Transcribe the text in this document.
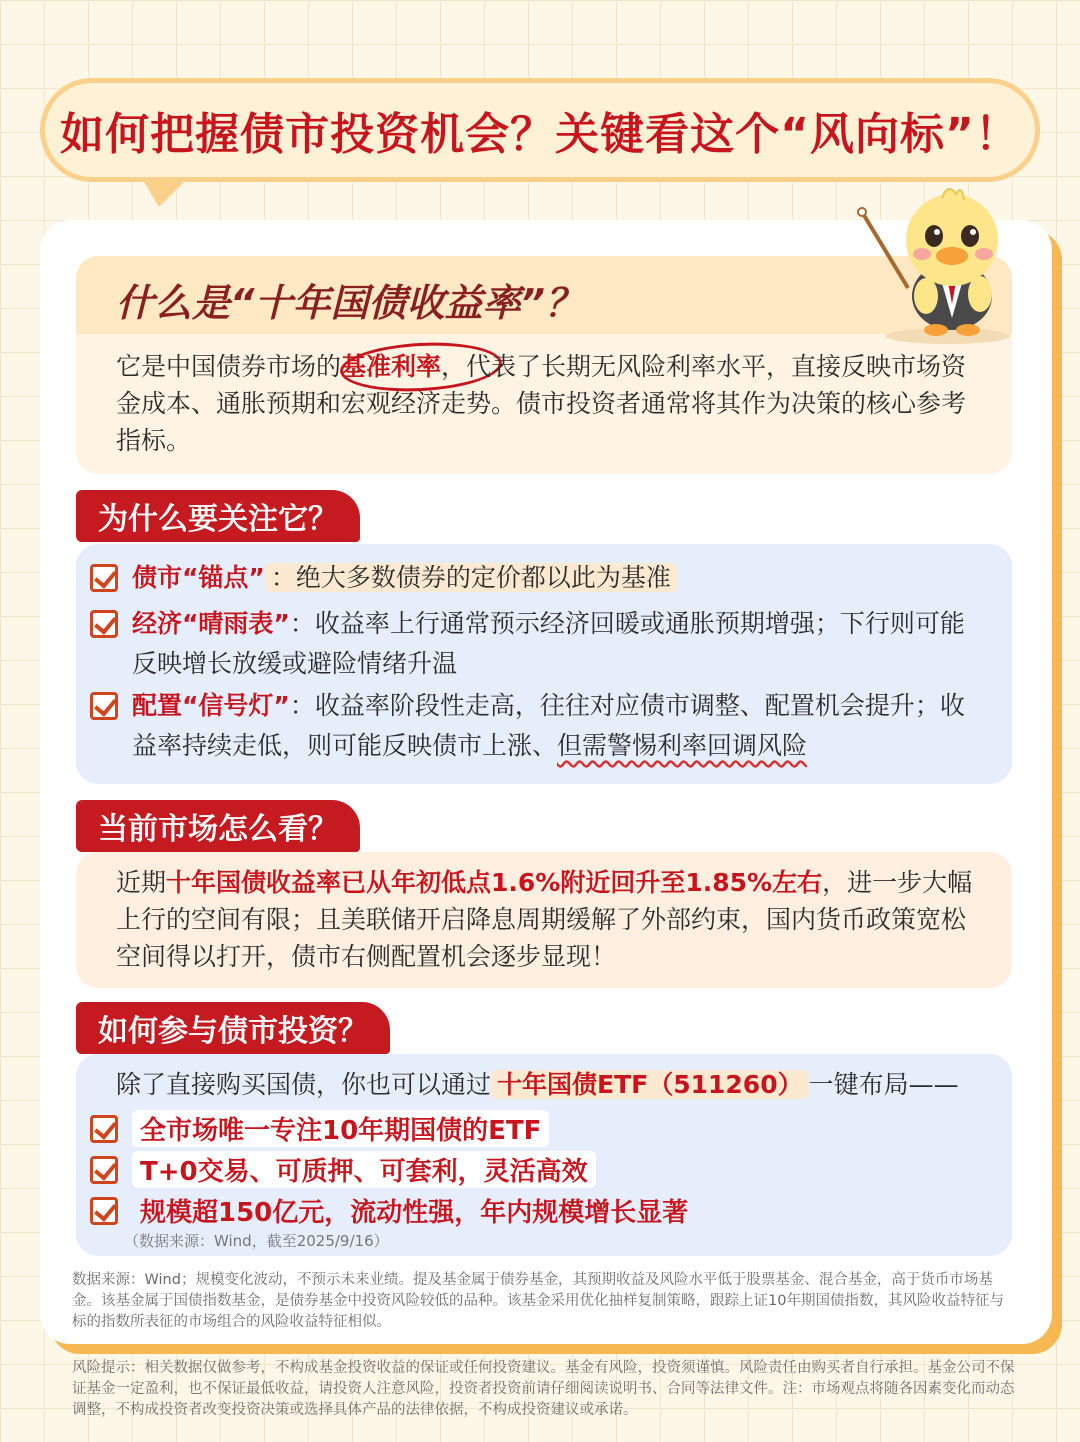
如何把握债市投资机会？关键看这个“风向标”！
什么是“十年国债收益率”？
它是中国债券市场的基准利率，代表了长期无风险利率水平，直接反映市场资金成本、通胀预期和宏观经济走势。债市投资者通常将其作为决策的核心参考指标。
为什么要关注它？
债市“锚点” ：绝大多数债券的定价都以此为基准
经济“晴雨表”：收益率上行通常预示经济回暖或通胀预期增强；下行则可能反映增长放缓或避险情绪升温
配置“信号灯”：收益率阶段性走高，往往对应债市调整、配置机会提升；收益率持续走低，则可能反映债市上涨、但需警惕利率回调风险
当前市场怎么看？
近期十年国债收益率已从年初低点1.6%附近回升至1.85%左右，进一步大幅上行的空间有限；且美联储开启降息周期缓解了外部约束，国内货币政策宽松空间得以打开，债市右侧配置机会逐步显现！
如何参与债市投资？
除了直接购买国债，你也可以通过 十年国债ETF（511260） 一键布局——
全市场唯一专注10年期国债的ETF
T+0交易、可质押、可套利，灵活高效
规模超150亿元，流动性强，年内规模增长显著
（数据来源：Wind，截至2025/9/16）
数据来源：Wind；规模变化波动，不预示未来业绩。提及基金属于债券基金，其预期收益及风险水平低于股票基金、混合基金，高于货币市场基金。该基金属于国债指数基金，是债券基金中投资风险较低的品种。该基金采用优化抽样复制策略，跟踪上证10年期国债指数，其风险收益特征与标的指数所表征的市场组合的风险收益特征相似。
风险提示：相关数据仅做参考，不构成基金投资收益的保证或任何投资建议。基金有风险，投资须谨慎。风险责任由购买者自行承担。基金公司不保证基金一定盈利，也不保证最低收益，请投资人注意风险，投资者投资前请仔细阅读说明书、合同等法律文件。注：市场观点将随各因素变化而动态调整，不构成投资者改变投资决策或选择具体产品的法律依据，不构成投资建议或承诺。
